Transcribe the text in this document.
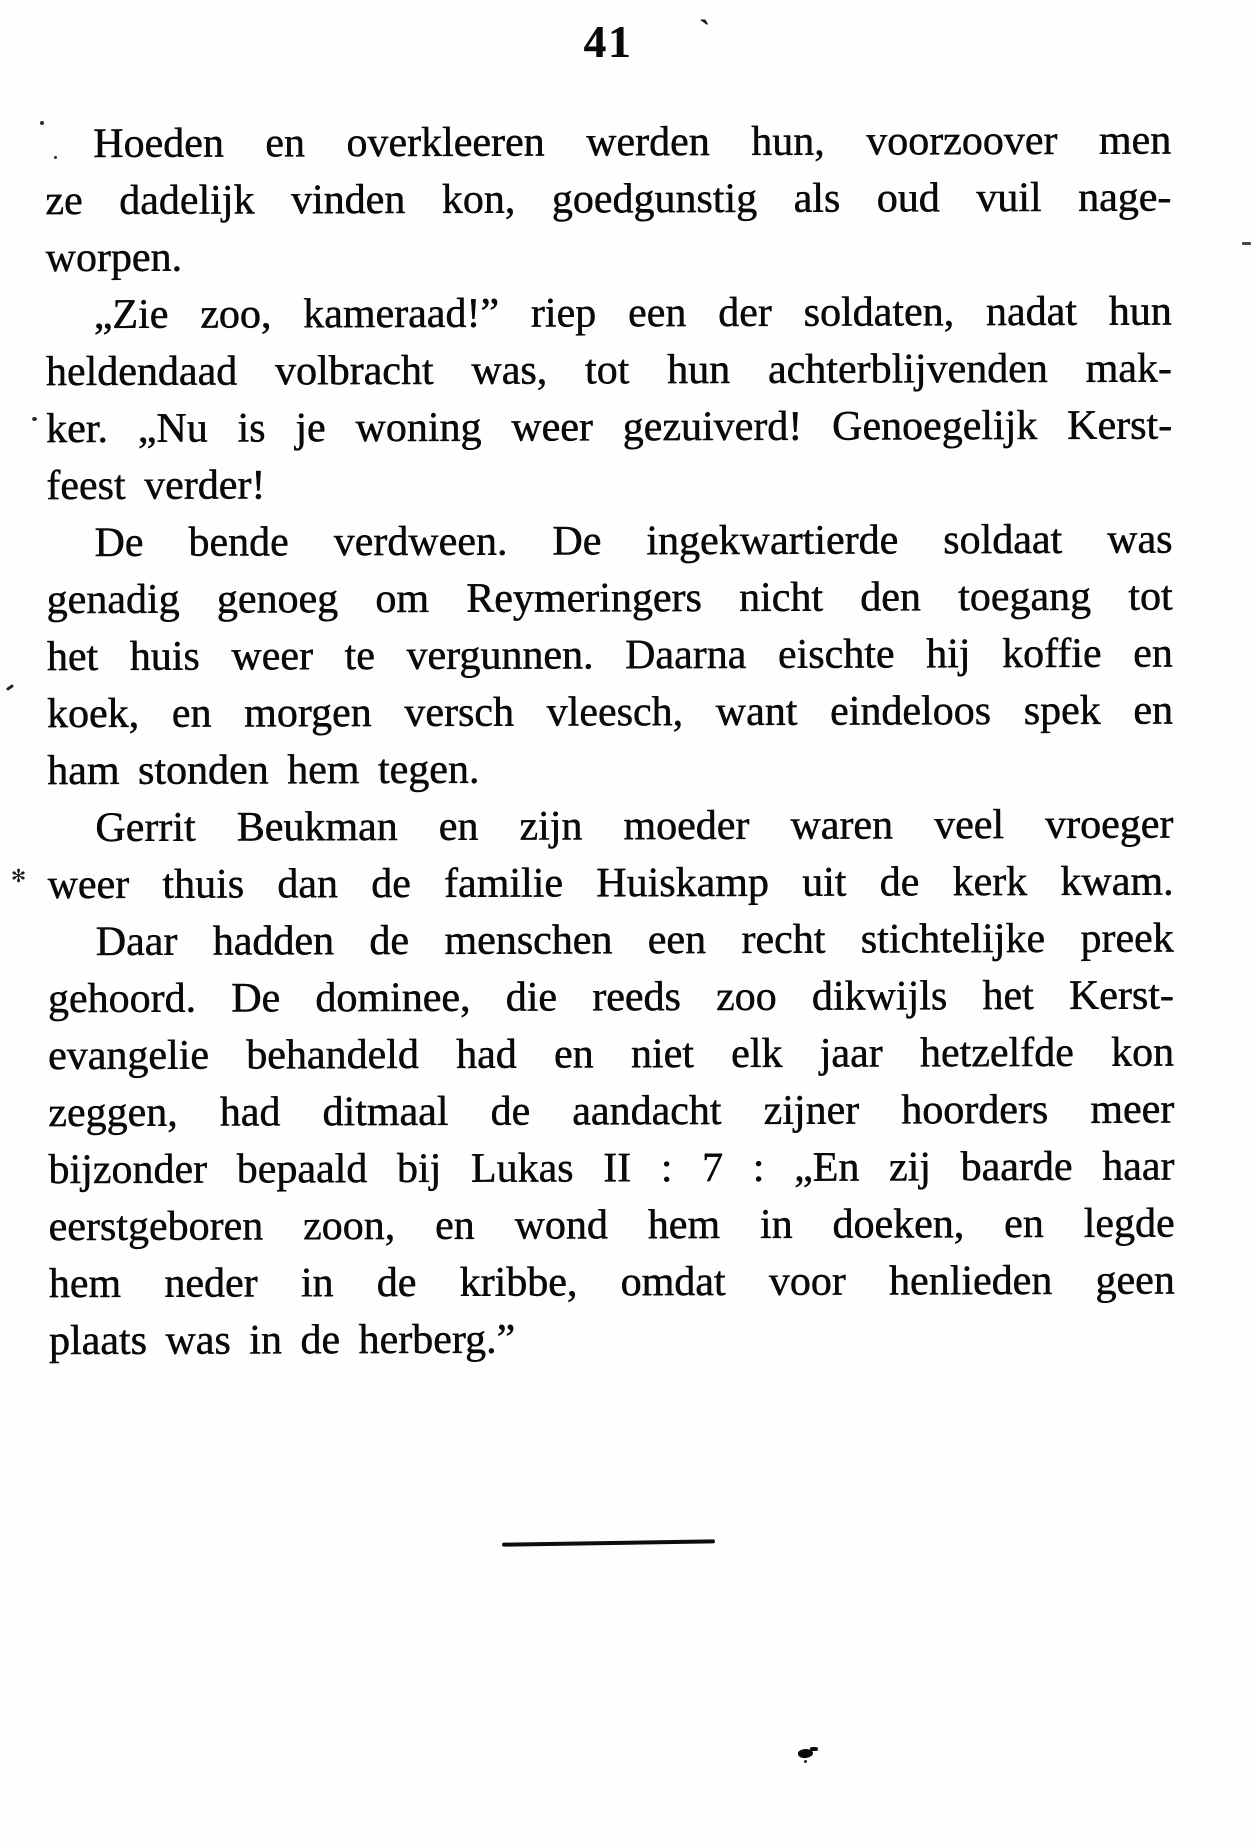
41	`
Hoeden en overkleeren werden hun, voorzoover men
ze dadelijk vinden kon, goedgunstig als oud vuil nage-
worpen.
„Zie zoo, kameraad!” riep een der soldaten, nadat hun
heldendaad volbracht was, tot hun achterblijvenden mak-
ker. „Nu is je woning weer gezuiverd! Genoegelijk Kerst-
feest verder!
De bende verdween. De ingekwartierde soldaat was
genadig genoeg om Reymeringers nicht den toegang tot
het huis weer te vergunnen. Daarna eischte hij koffie en
koek, en morgen versch vleesch, want eindeloos spek en
ham stonden hem tegen.
Gerrit Beukman en zijn moeder waren veel vroeger
weer thuis dan de familie Huiskamp uit de kerk kwam.
Daar hadden de menschen een recht stichtelijke preek
gehoord. De dominee, die reeds zoo dikwijls het Kerst-
evangelie behandeld had en niet elk jaar hetzelfde kon
zeggen, had ditmaal de aandacht zijner hoorders meer
bijzonder bepaald bij Lukas II : 7 : „En zij baarde haar
eerstgeboren zoon, en wond hem in doeken, en legde
hem neder in de kribbe, omdat voor henlieden geen
plaats was in de herberg.”
✻
